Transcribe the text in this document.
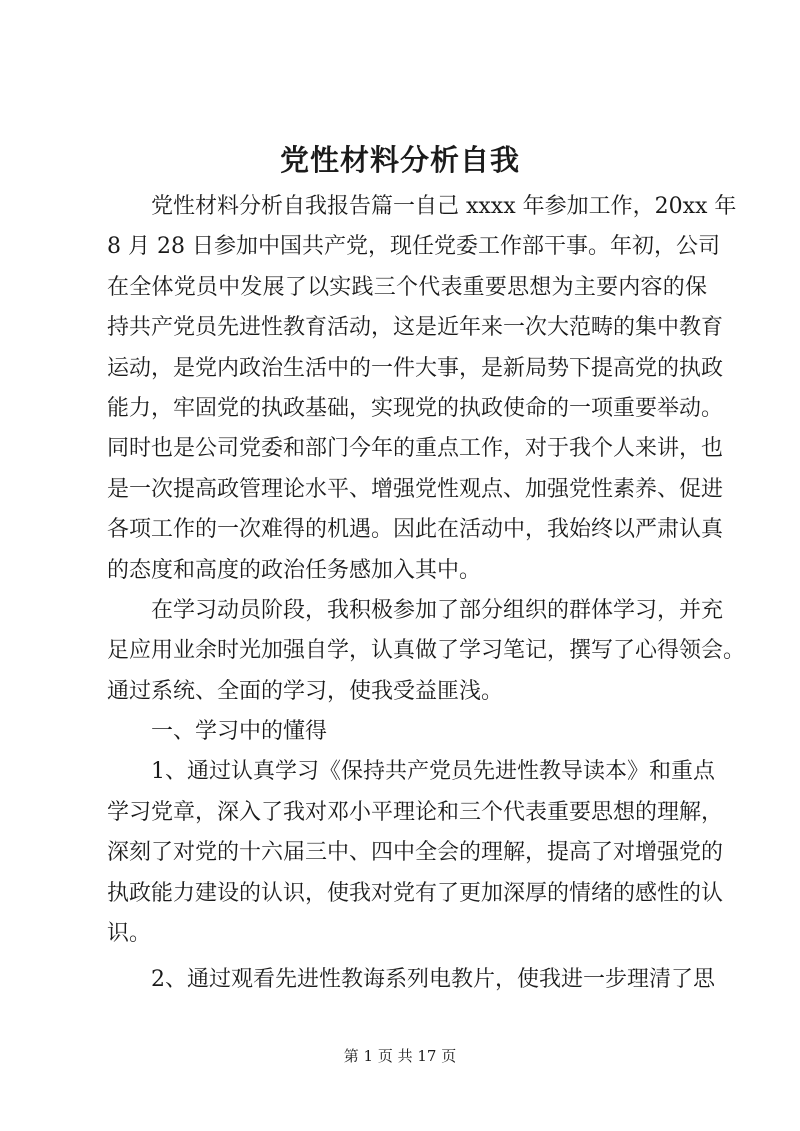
党性材料分析自我
党性材料分析自我报告篇一自己 xxxx 年参加工作，20xx 年
8 月 28 日参加中国共产党，现任党委工作部干事。年初，公司
在全体党员中发展了以实践三个代表重要思想为主要内容的保
持共产党员先进性教育活动，这是近年来一次大范畴的集中教育
运动，是党内政治生活中的一件大事，是新局势下提高党的执政
能力，牢固党的执政基础，实现党的执政使命的一项重要举动。
同时也是公司党委和部门今年的重点工作，对于我个人来讲，也
是一次提高政管理论水平、增强党性观点、加强党性素养、促进
各项工作的一次难得的机遇。因此在活动中，我始终以严肃认真
的态度和高度的政治任务感加入其中。
在学习动员阶段，我积极参加了部分组织的群体学习，并充
足应用业余时光加强自学，认真做了学习笔记，撰写了心得领会。
通过系统、全面的学习，使我受益匪浅。
一、学习中的懂得
1、通过认真学习《保持共产党员先进性教导读本》和重点
学习党章，深入了我对邓小平理论和三个代表重要思想的理解，
深刻了对党的十六届三中、四中全会的理解，提高了对增强党的
执政能力建设的认识，使我对党有了更加深厚的情绪的感性的认
识。
2、通过观看先进性教诲系列电教片，使我进一步理清了思
第 1 页 共 17 页
